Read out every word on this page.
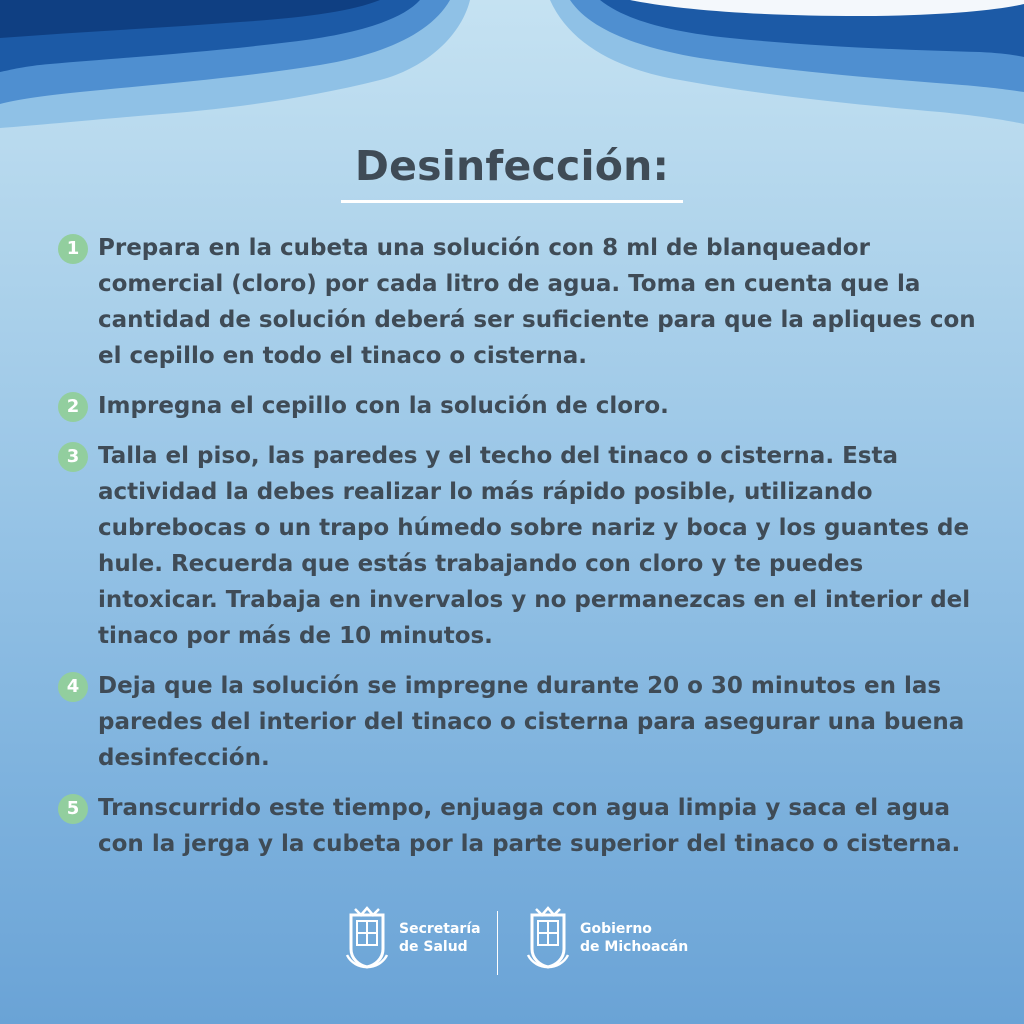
Desinfección:
1 Prepara en la cubeta una solución con 8 ml de blanqueador comercial (cloro) por cada litro de agua. Toma en cuenta que la cantidad de solución deberá ser suficiente para que la apliques con el cepillo en todo el tinaco o cisterna.
2 Impregna el cepillo con la solución de cloro.
3 Talla el piso, las paredes y el techo del tinaco o cisterna. Esta actividad la debes realizar lo más rápido posible, utilizando cubrebocas o un trapo húmedo sobre nariz y boca y los guantes de hule. Recuerda que estás trabajando con cloro y te puedes intoxicar. Trabaja en invervalos y no permanezcas en el interior del tinaco por más de 10 minutos.
4 Deja que la solución se impregne durante 20 o 30 minutos en las paredes del interior del tinaco o cisterna para asegurar una buena desinfección.
5 Transcurrido este tiempo, enjuaga con agua limpia y saca el agua con la jerga y la cubeta por la parte superior del tinaco o cisterna.
Secretaría
de Salud
Gobierno
de Michoacán
